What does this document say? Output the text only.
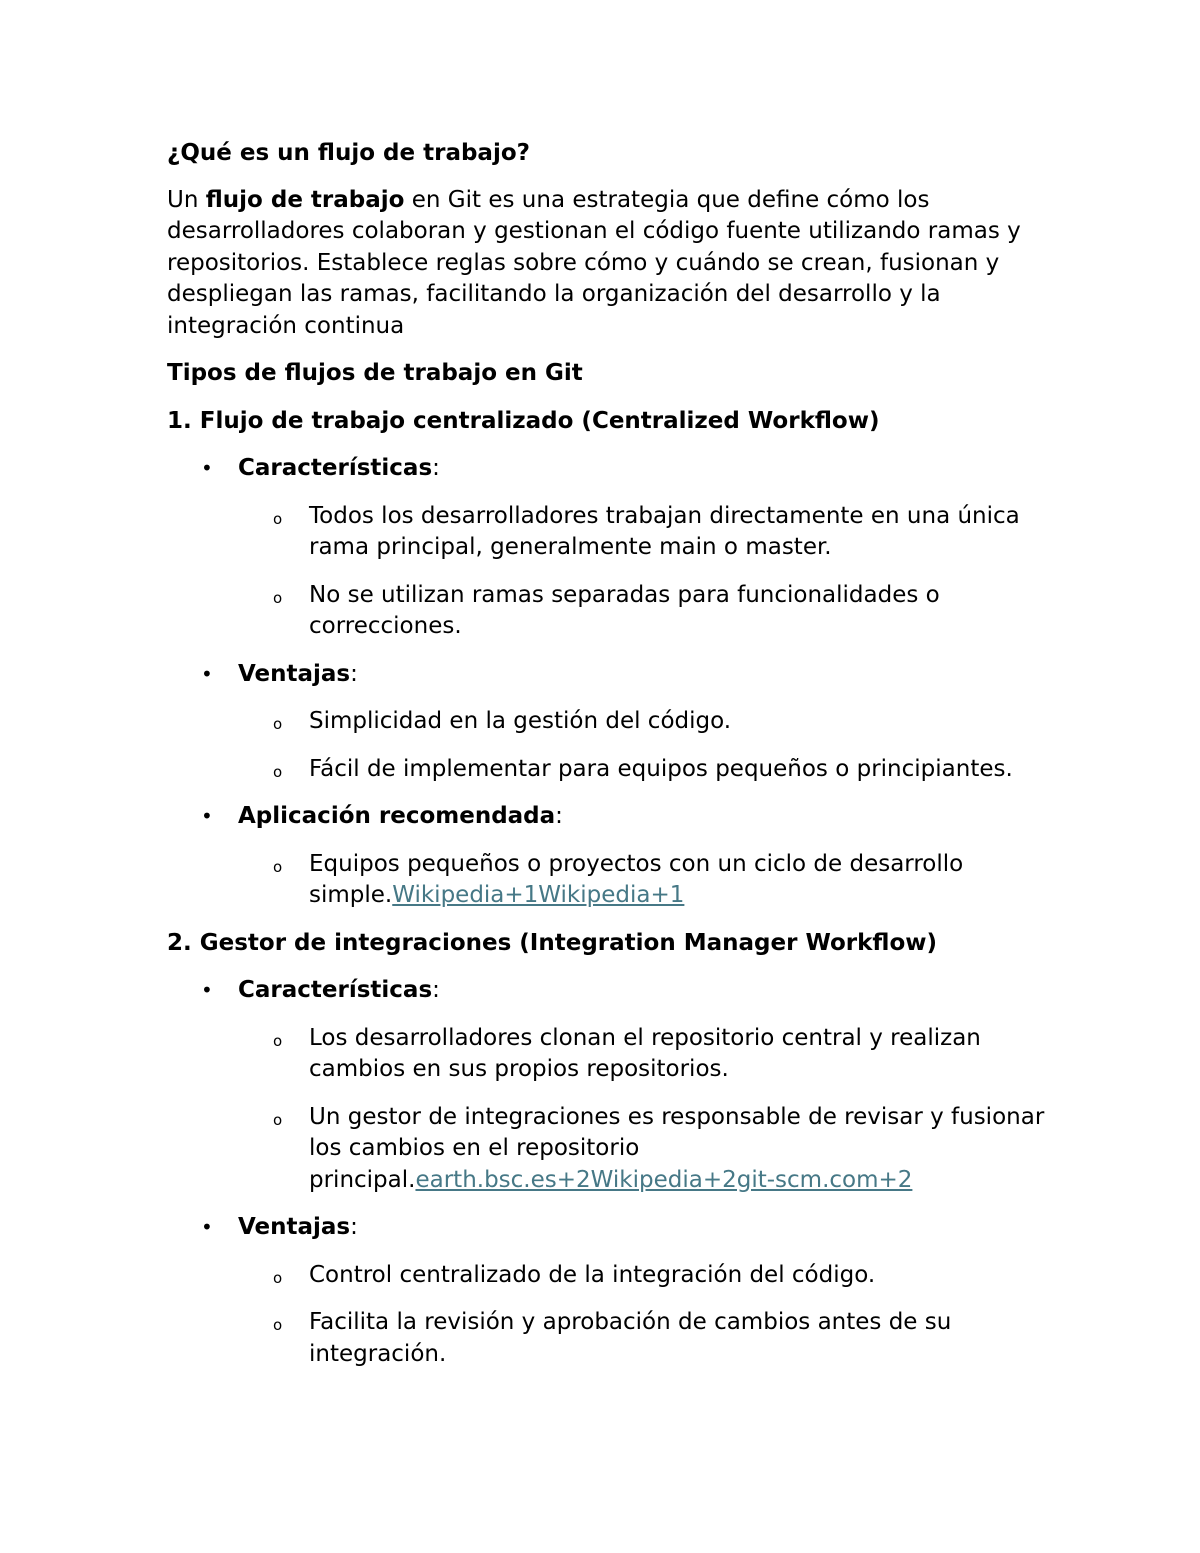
¿Qué es un flujo de trabajo?

Un flujo de trabajo en Git es una estrategia que define cómo los desarrolladores colaboran y gestionan el código fuente utilizando ramas y repositorios. Establece reglas sobre cómo y cuándo se crean, fusionan y despliegan las ramas, facilitando la organización del desarrollo y la integración continua

Tipos de flujos de trabajo en Git

1. Flujo de trabajo centralizado (Centralized Workflow)

• Características:
o Todos los desarrolladores trabajan directamente en una única rama principal, generalmente main o master.
o No se utilizan ramas separadas para funcionalidades o correcciones.
• Ventajas:
o Simplicidad en la gestión del código.
o Fácil de implementar para equipos pequeños o principiantes.
• Aplicación recomendada:
o Equipos pequeños o proyectos con un ciclo de desarrollo simple.Wikipedia+1Wikipedia+1

2. Gestor de integraciones (Integration Manager Workflow)

• Características:
o Los desarrolladores clonan el repositorio central y realizan cambios en sus propios repositorios.
o Un gestor de integraciones es responsable de revisar y fusionar los cambios en el repositorio principal.earth.bsc.es+2Wikipedia+2git-scm.com+2
• Ventajas:
o Control centralizado de la integración del código.
o Facilita la revisión y aprobación de cambios antes de su integración.
